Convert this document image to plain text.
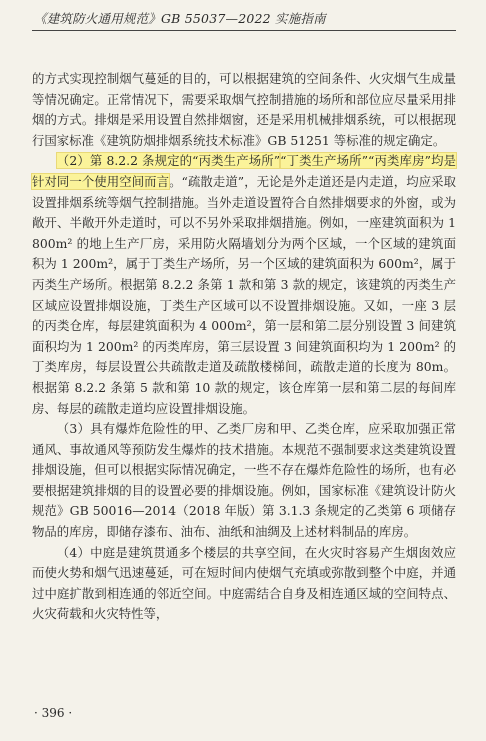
《建筑防火通用规范》GB 55037—2022 实施指南

的方式实现控制烟气蔓延的目的，可以根据建筑的空间条件、火灾烟气生成量等情况确定。正常情况下，需要采取烟气控制措施的场所和部位应尽量采用排烟的方式。排烟是采用设置自然排烟窗，还是采用机械排烟系统，可以根据现行国家标准《建筑防烟排烟系统技术标准》GB 51251 等标准的规定确定。

（2）第 8.2.2 条规定的“丙类生产场所”“丁类生产场所”“丙类库房”均是针对同一个使用空间而言。“疏散走道”，无论是外走道还是内走道，均应采取设置排烟系统等烟气控制措施。当外走道设置符合自然排烟要求的外窗，或为敞开、半敞开外走道时，可以不另外采取排烟措施。例如，一座建筑面积为 1 800m² 的地上生产厂房，采用防火隔墙划分为两个区域，一个区域的建筑面积为 1 200m²，属于丁类生产场所，另一个区域的建筑面积为 600m²，属于丙类生产场所。根据第 8.2.2 条第 1 款和第 3 款的规定，该建筑的丙类生产区域应设置排烟设施，丁类生产区域可以不设置排烟设施。又如，一座 3 层的丙类仓库，每层建筑面积为 4 000m²，第一层和第二层分别设置 3 间建筑面积均为 1 200m² 的丙类库房，第三层设置 3 间建筑面积均为 1 200m² 的丁类库房，每层设置公共疏散走道及疏散楼梯间，疏散走道的长度为 80m。根据第 8.2.2 条第 5 款和第 10 款的规定，该仓库第一层和第二层的每间库房、每层的疏散走道均应设置排烟设施。

（3）具有爆炸危险性的甲、乙类厂房和甲、乙类仓库，应采取加强正常通风、事故通风等预防发生爆炸的技术措施。本规范不强制要求这类建筑设置排烟设施，但可以根据实际情况确定，一些不存在爆炸危险性的场所，也有必要根据建筑排烟的目的设置必要的排烟设施。例如，国家标准《建筑设计防火规范》GB 50016—2014（2018 年版）第 3.1.3 条规定的乙类第 6 项储存物品的库房，即储存漆布、油布、油纸和油绸及上述材料制品的库房。

（4）中庭是建筑贯通多个楼层的共享空间，在火灾时容易产生烟囱效应而使火势和烟气迅速蔓延，可在短时间内使烟气充填或弥散到整个中庭，并通过中庭扩散到相连通的邻近空间。中庭需结合自身及相连通区域的空间特点、火灾荷载和火灾特性等，

· 396 ·
